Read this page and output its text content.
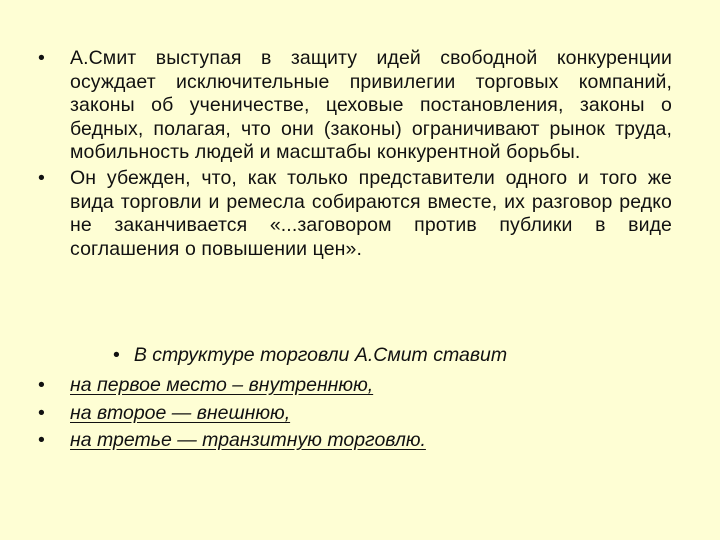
• А.Смит выступая в защиту идей свободной конкуренции осуждает исключительные привилегии торговых компаний, законы об ученичестве, цеховые постановления, законы о бедных, полагая, что они (законы) ограничивают рынок труда, мобильность людей и масштабы конкурентной борьбы.
• Он убежден, что, как только представители одного и того же вида торговли и ремесла собираются вместе, их разговор редко не заканчивается «...заговором против публики в виде соглашения о повышении цен».
• В структуре торговли А.Смит ставит
• на первое место – внутреннюю,
• на второе — внешнюю,
• на третье — транзитную торговлю.
